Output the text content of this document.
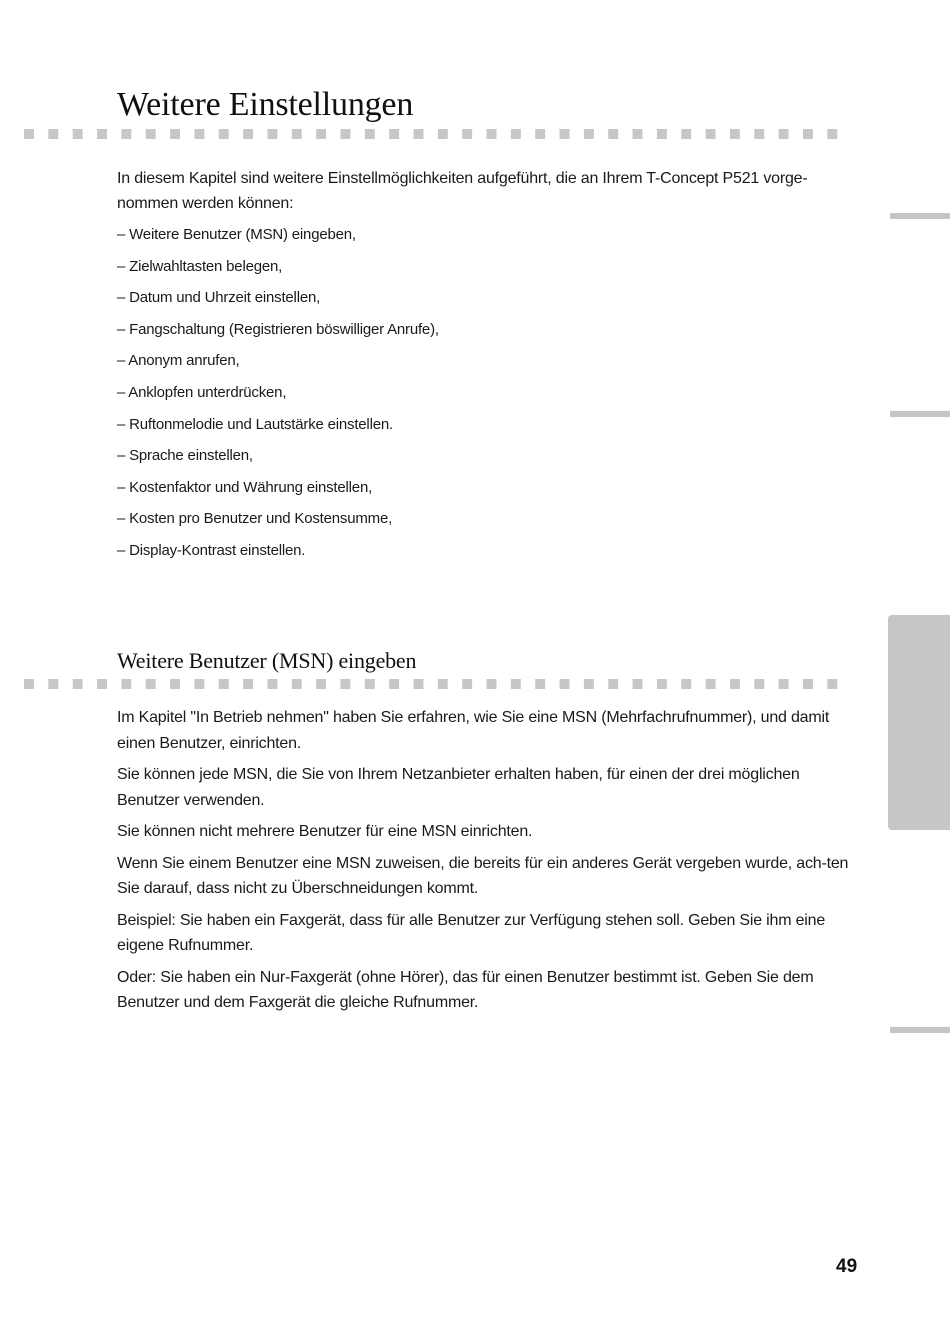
Weitere Einstellungen

In diesem Kapitel sind weitere Einstellmöglichkeiten aufgeführt, die an Ihrem T-Concept P521 vorge-nommen werden können:

– Weitere Benutzer (MSN) eingeben,
– Zielwahltasten belegen,
– Datum und Uhrzeit einstellen,
– Fangschaltung (Registrieren böswilliger Anrufe),
– Anonym anrufen,
– Anklopfen unterdrücken,
– Ruftonmelodie und Lautstärke einstellen.
– Sprache einstellen,
– Kostenfaktor und Währung einstellen,
– Kosten pro Benutzer und Kostensumme,
– Display-Kontrast einstellen.
Weitere Benutzer (MSN) eingeben

Im Kapitel "In Betrieb nehmen" haben Sie erfahren, wie Sie eine MSN (Mehrfachrufnummer), und damit einen Benutzer, einrichten.

Sie können jede MSN, die Sie von Ihrem Netzanbieter erhalten haben, für einen der drei möglichen Benutzer verwenden.

Sie können nicht mehrere Benutzer für eine MSN einrichten.

Wenn Sie einem Benutzer eine MSN zuweisen, die bereits für ein anderes Gerät vergeben wurde, ach-ten Sie darauf, dass nicht zu Überschneidungen kommt.

Beispiel: Sie haben ein Faxgerät, dass für alle Benutzer zur Verfügung stehen soll. Geben Sie ihm eine eigene Rufnummer.

Oder: Sie haben ein Nur-Faxgerät (ohne Hörer), das für einen Benutzer bestimmt ist. Geben Sie dem Benutzer und dem Faxgerät die gleiche Rufnummer.

49
